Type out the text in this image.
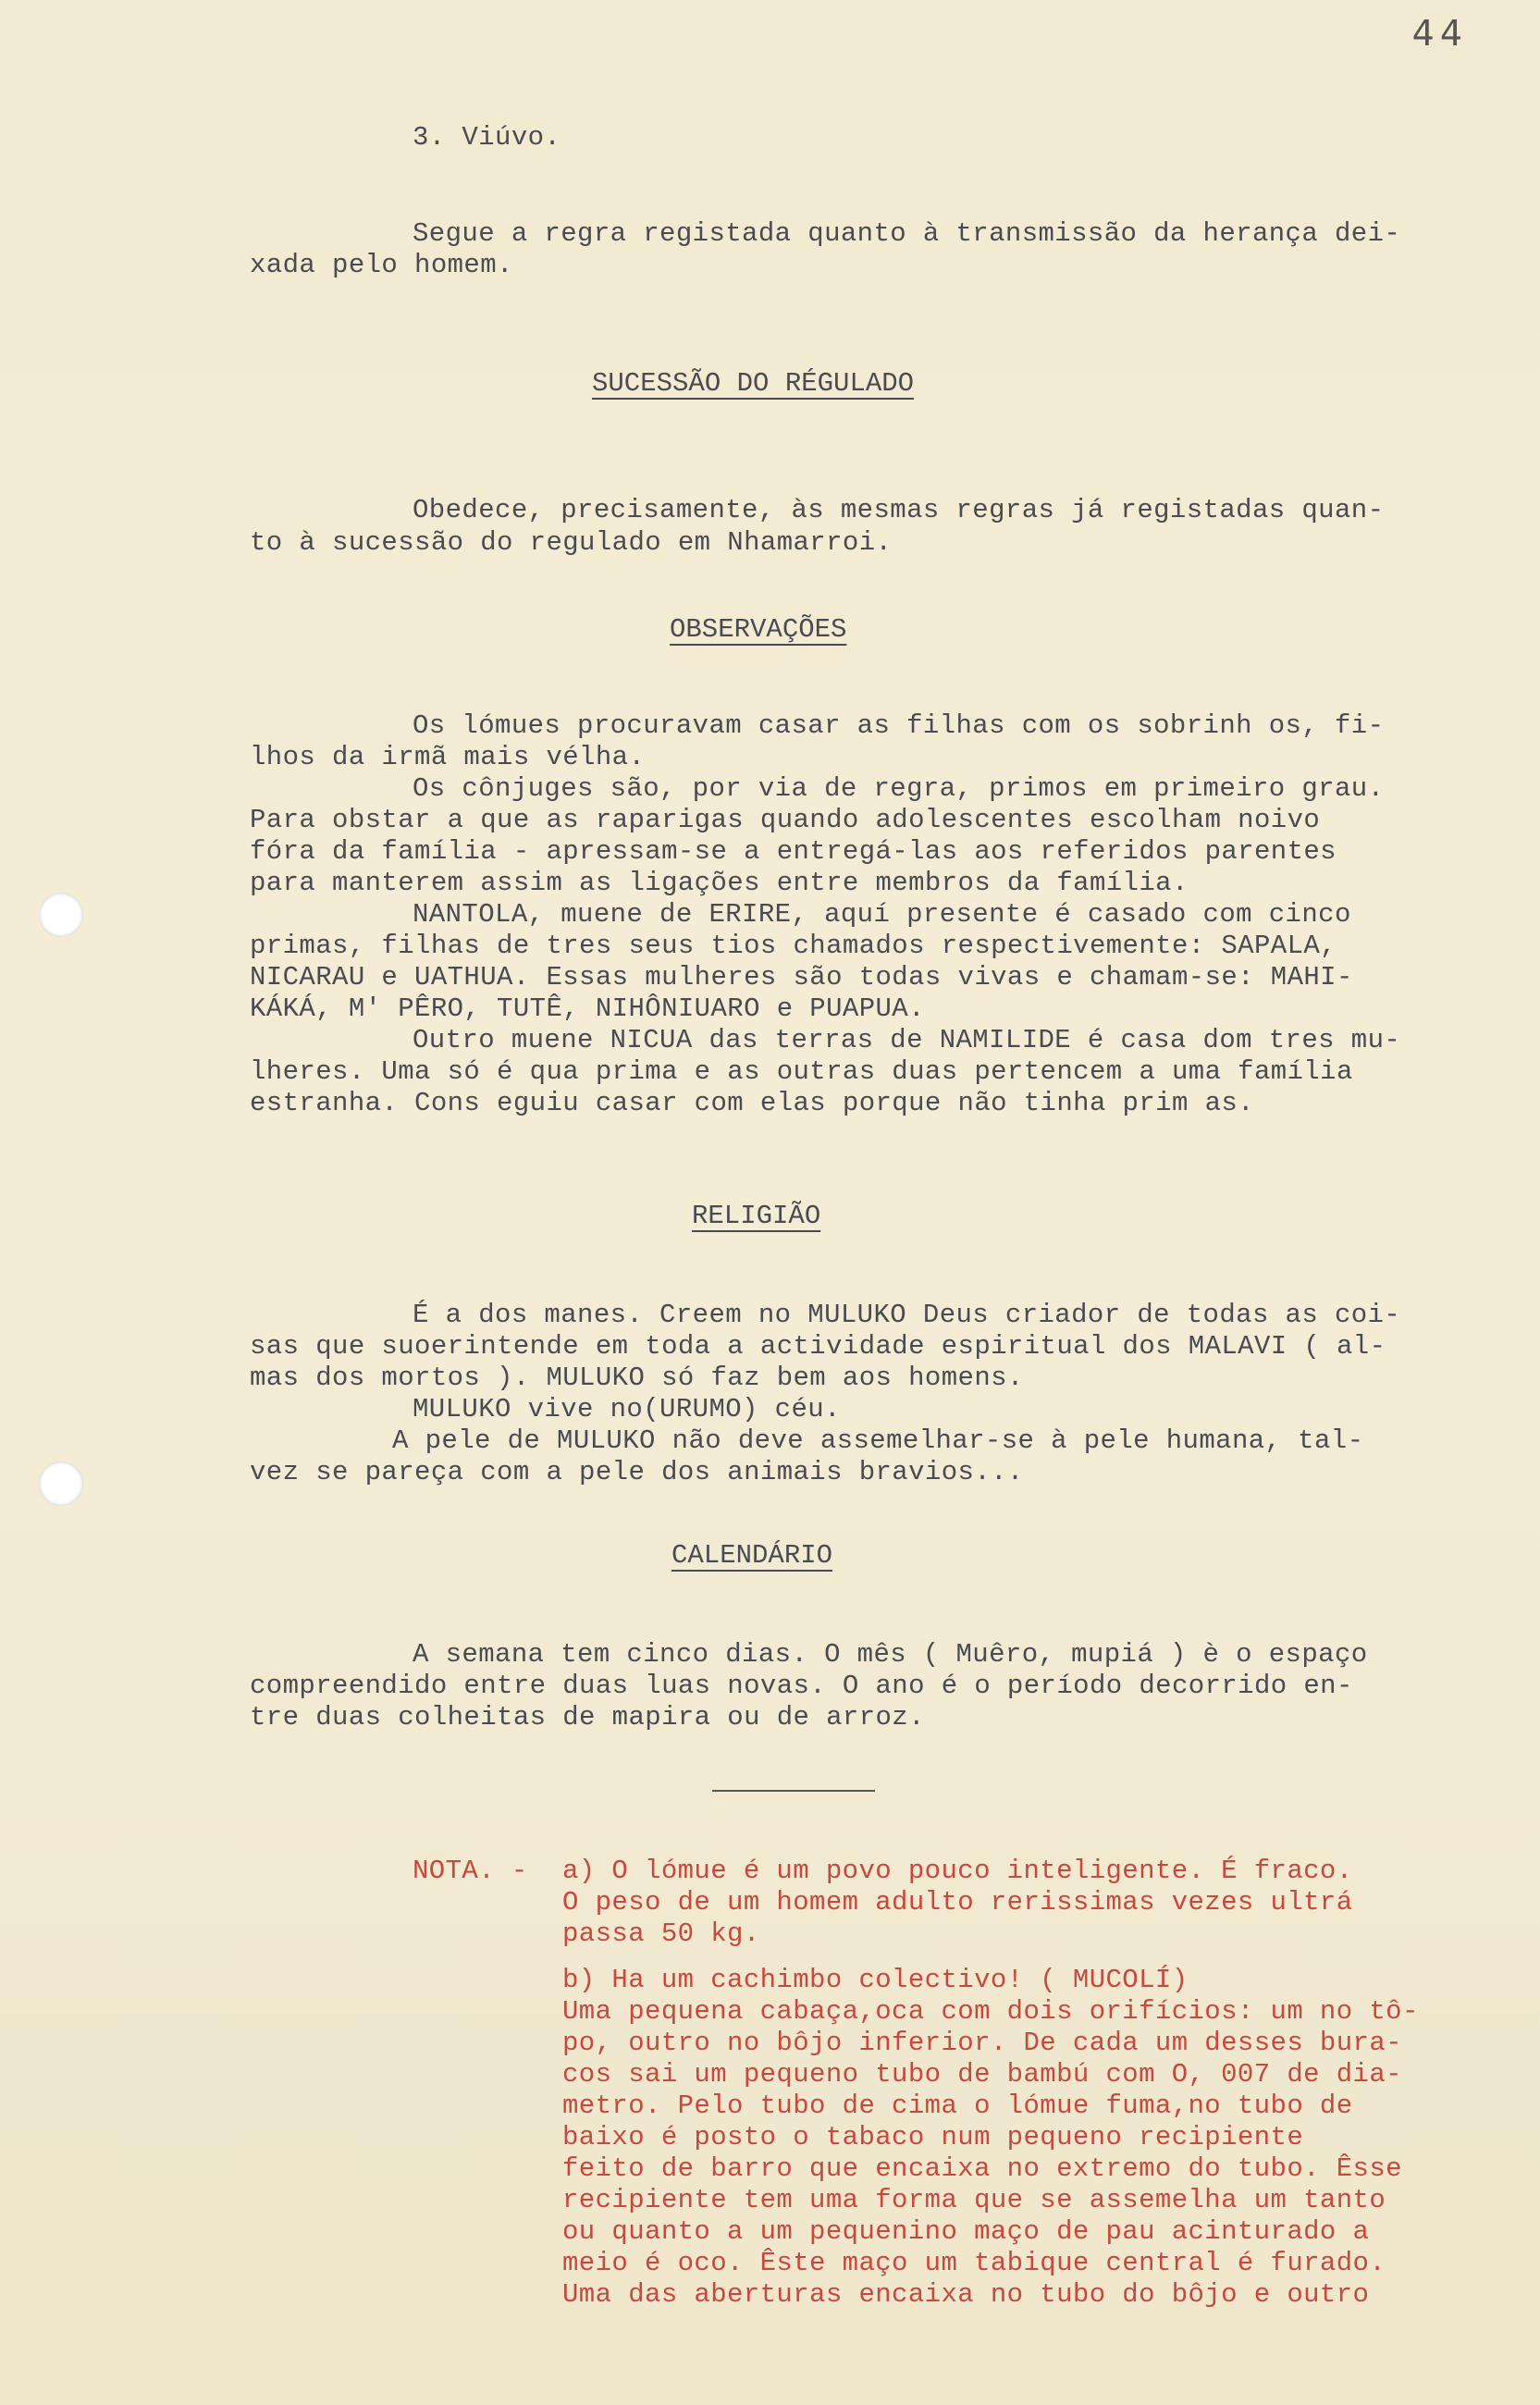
44
3. Viúvo.
Segue a regra registada quanto à transmissão da herança dei-
xada pelo homem.
SUCESSÃO DO RÉGULADO
Obedece, precisamente, às mesmas regras já registadas quan-
to à sucessão do regulado em Nhamarroi.
OBSERVAÇÕES
Os lómues procuravam casar as filhas com os sobrinh os, fi-
lhos da irmã mais vélha.
Os cônjuges são, por via de regra, primos em primeiro grau.
Para obstar a que as raparigas quando adolescentes escolham noivo
fóra da família - apressam-se a entregá-las aos referidos parentes
para manterem assim as ligações entre membros da família.
NANTOLA, muene de ERIRE, aquí presente é casado com cinco
primas, filhas de tres seus tios chamados respectivemente: SAPALA,
NICARAU e UATHUA. Essas mulheres são todas vivas e chamam-se: MAHI-
KÁKÁ, M' PÊRO, TUTÊ, NIHÔNIUARO e PUAPUA.
Outro muene NICUA das terras de NAMILIDE é casa dom tres mu-
lheres. Uma só é qua prima e as outras duas pertencem a uma família
estranha. Cons eguiu casar com elas porque não tinha prim as.
RELIGIÃO
É a dos manes. Creem no MULUKO Deus criador de todas as coi-
sas que suoerintende em toda a actividade espiritual dos MALAVI ( al-
mas dos mortos ). MULUKO só faz bem aos homens.
MULUKO vive no(URUMO) céu.
A pele de MULUKO não deve assemelhar-se à pele humana, tal-
vez se pareça com a pele dos animais bravios...
CALENDÁRIO
A semana tem cinco dias. O mês ( Muêro, mupiá ) è o espaço
compreendido entre duas luas novas. O ano é o período decorrido en-
tre duas colheitas de mapira ou de arroz.
NOTA. - a) O lómue é um povo pouco inteligente. É fraco.
O peso de um homem adulto rerissimas vezes ultrá
passa 50 kg.
b) Ha um cachimbo colectivo! ( MUCOLÍ)
Uma pequena cabaça,oca com dois orifícios: um no tô-
po, outro no bôjo inferior. De cada um desses bura-
cos sai um pequeno tubo de bambú com O, 007 de dia-
metro. Pelo tubo de cima o lómue fuma,no tubo de
baixo é posto o tabaco num pequeno recipiente
feito de barro que encaixa no extremo do tubo. Êsse
recipiente tem uma forma que se assemelha um tanto
ou quanto a um pequenino maço de pau acinturado a
meio é oco. Êste maço um tabique central é furado.
Uma das aberturas encaixa no tubo do bôjo e outro
